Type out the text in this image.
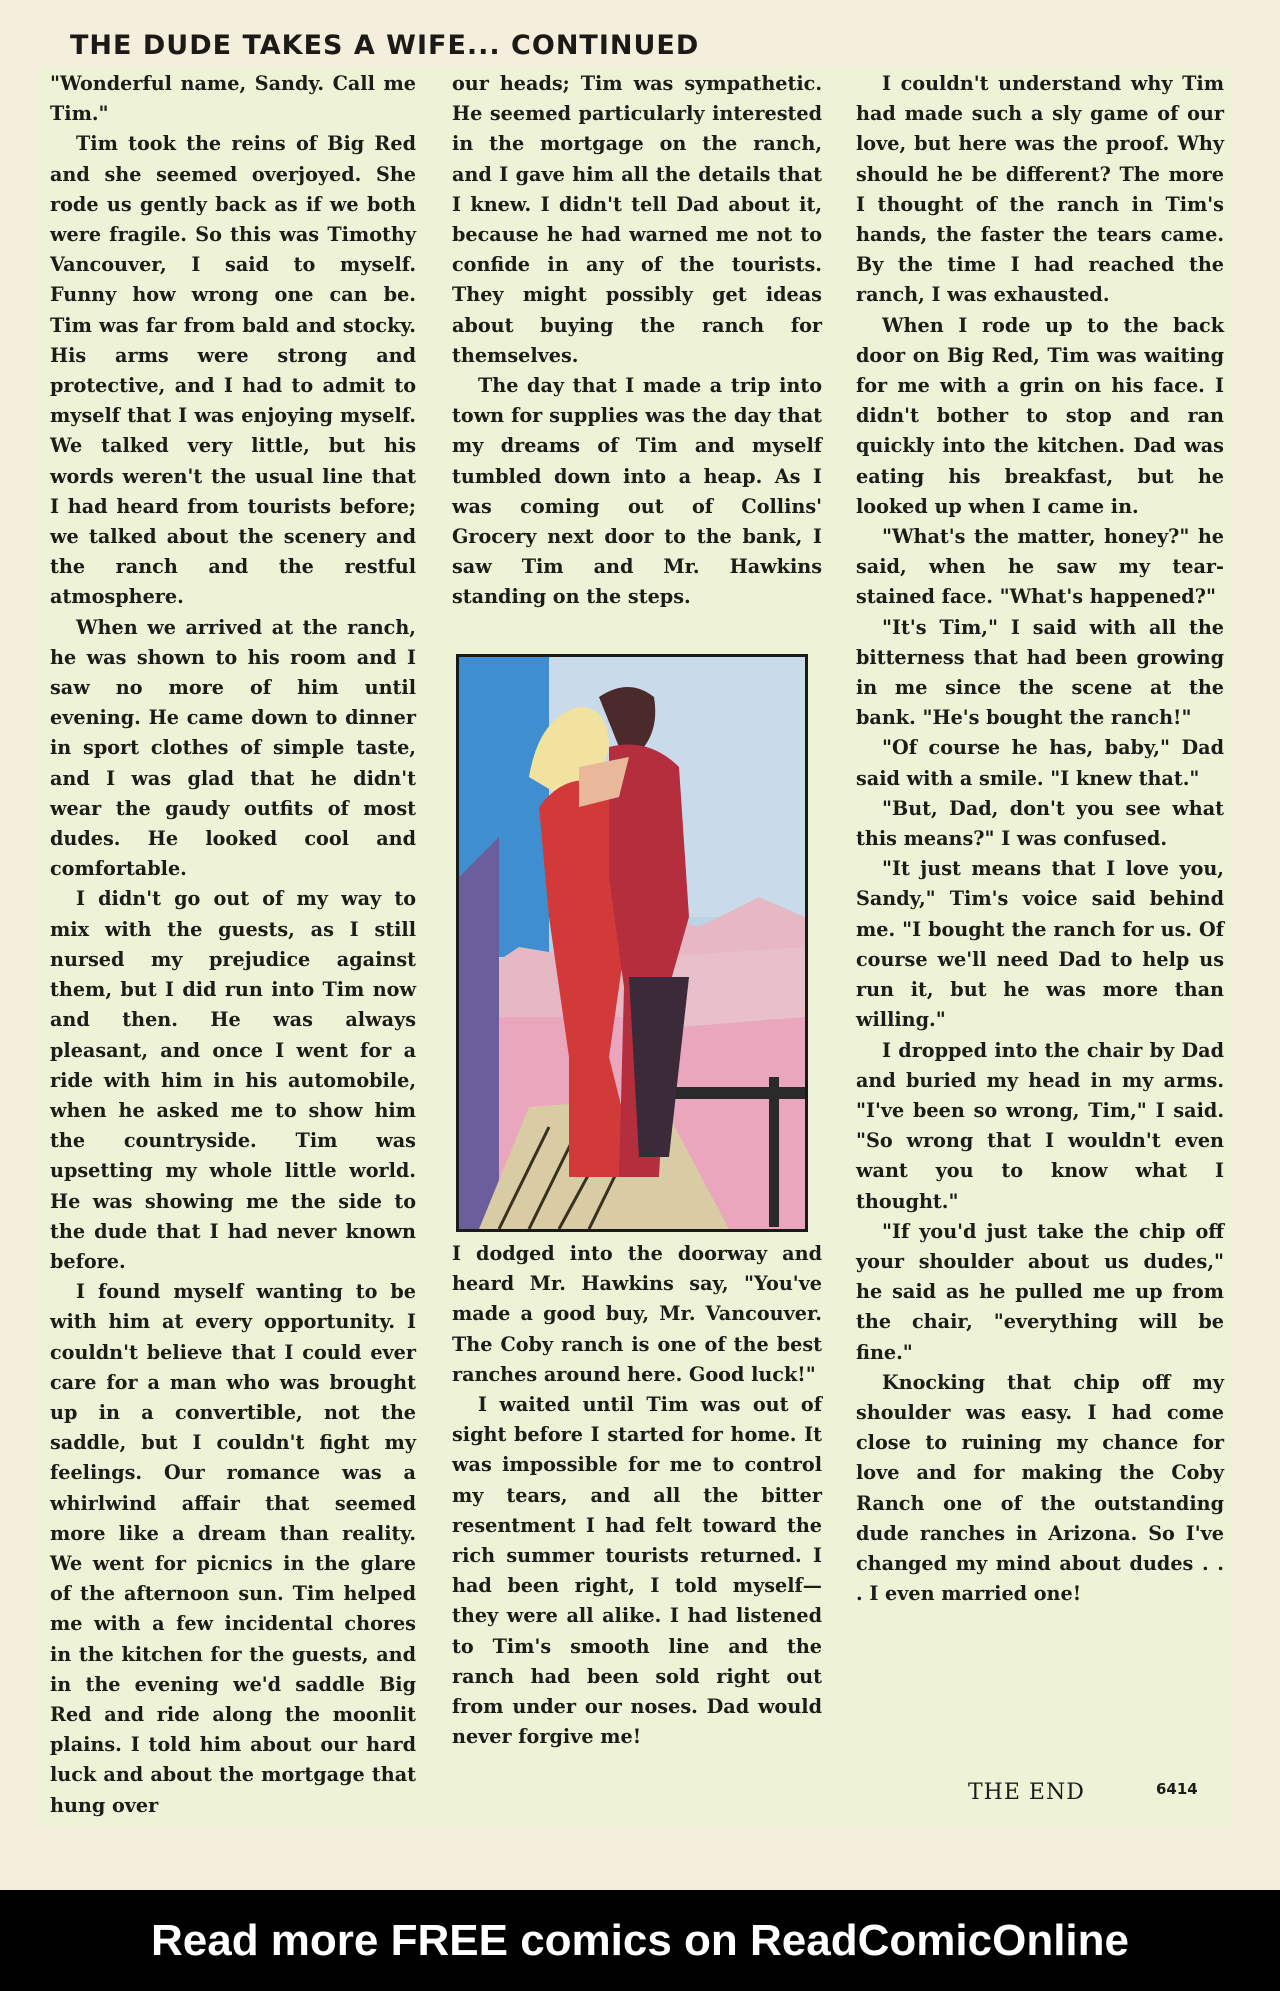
THE DUDE TAKES A WIFE... CONTINUED

"Wonderful name, Sandy. Call me Tim."

Tim took the reins of Big Red and she seemed overjoyed. She rode us gently back as if we both were fragile. So this was Timothy Vancouver, I said to myself. Funny how wrong one can be. Tim was far from bald and stocky. His arms were strong and protective, and I had to admit to myself that I was enjoying myself. We talked very little, but his words weren't the usual line that I had heard from tourists before; we talked about the scenery and the ranch and the restful atmosphere.

When we arrived at the ranch, he was shown to his room and I saw no more of him until evening. He came down to dinner in sport clothes of simple taste, and I was glad that he didn't wear the gaudy outfits of most dudes. He looked cool and comfortable.

I didn't go out of my way to mix with the guests, as I still nursed my prejudice against them, but I did run into Tim now and then. He was always pleasant, and once I went for a ride with him in his automobile, when he asked me to show him the countryside. Tim was upsetting my whole little world. He was showing me the side to the dude that I had never known before.

I found myself wanting to be with him at every opportunity. I couldn't believe that I could ever care for a man who was brought up in a convertible, not the saddle, but I couldn't fight my feelings. Our romance was a whirlwind affair that seemed more like a dream than reality. We went for picnics in the glare of the afternoon sun. Tim helped me with a few incidental chores in the kitchen for the guests, and in the evening we'd saddle Big Red and ride along the moonlit plains. I told him about our hard luck and about the mortgage that hung over

our heads; Tim was sympathetic. He seemed particularly interested in the mortgage on the ranch, and I gave him all the details that I knew. I didn't tell Dad about it, because he had warned me not to confide in any of the tourists. They might possibly get ideas about buying the ranch for themselves.

The day that I made a trip into town for supplies was the day that my dreams of Tim and myself tumbled down into a heap. As I was coming out of Collins' Grocery next door to the bank, I saw Tim and Mr. Hawkins standing on the steps.

I dodged into the doorway and heard Mr. Hawkins say, "You've made a good buy, Mr. Vancouver. The Coby ranch is one of the best ranches around here. Good luck!"

I waited until Tim was out of sight before I started for home. It was impossible for me to control my tears, and all the bitter resentment I had felt toward the rich summer tourists returned. I had been right, I told myself—they were all alike. I had listened to Tim's smooth line and the ranch had been sold right out from under our noses. Dad would never forgive me!

I couldn't understand why Tim had made such a sly game of our love, but here was the proof. Why should he be different? The more I thought of the ranch in Tim's hands, the faster the tears came. By the time I had reached the ranch, I was exhausted.

When I rode up to the back door on Big Red, Tim was waiting for me with a grin on his face. I didn't bother to stop and ran quickly into the kitchen. Dad was eating his breakfast, but he looked up when I came in.

"What's the matter, honey?" he said, when he saw my tear-stained face. "What's happened?"

"It's Tim," I said with all the bitterness that had been growing in me since the scene at the bank. "He's bought the ranch!"

"Of course he has, baby," Dad said with a smile. "I knew that."

"But, Dad, don't you see what this means?" I was confused.

"It just means that I love you, Sandy," Tim's voice said behind me. "I bought the ranch for us. Of course we'll need Dad to help us run it, but he was more than willing."

I dropped into the chair by Dad and buried my head in my arms. "I've been so wrong, Tim," I said. "So wrong that I wouldn't even want you to know what I thought."

"If you'd just take the chip off your shoulder about us dudes," he said as he pulled me up from the chair, "everything will be fine."

Knocking that chip off my shoulder was easy. I had come close to ruining my chance for love and for making the Coby Ranch one of the outstanding dude ranches in Arizona. So I've changed my mind about dudes . . . I even married one!

THE END	6414
Read more FREE comics on ReadComicOnline
